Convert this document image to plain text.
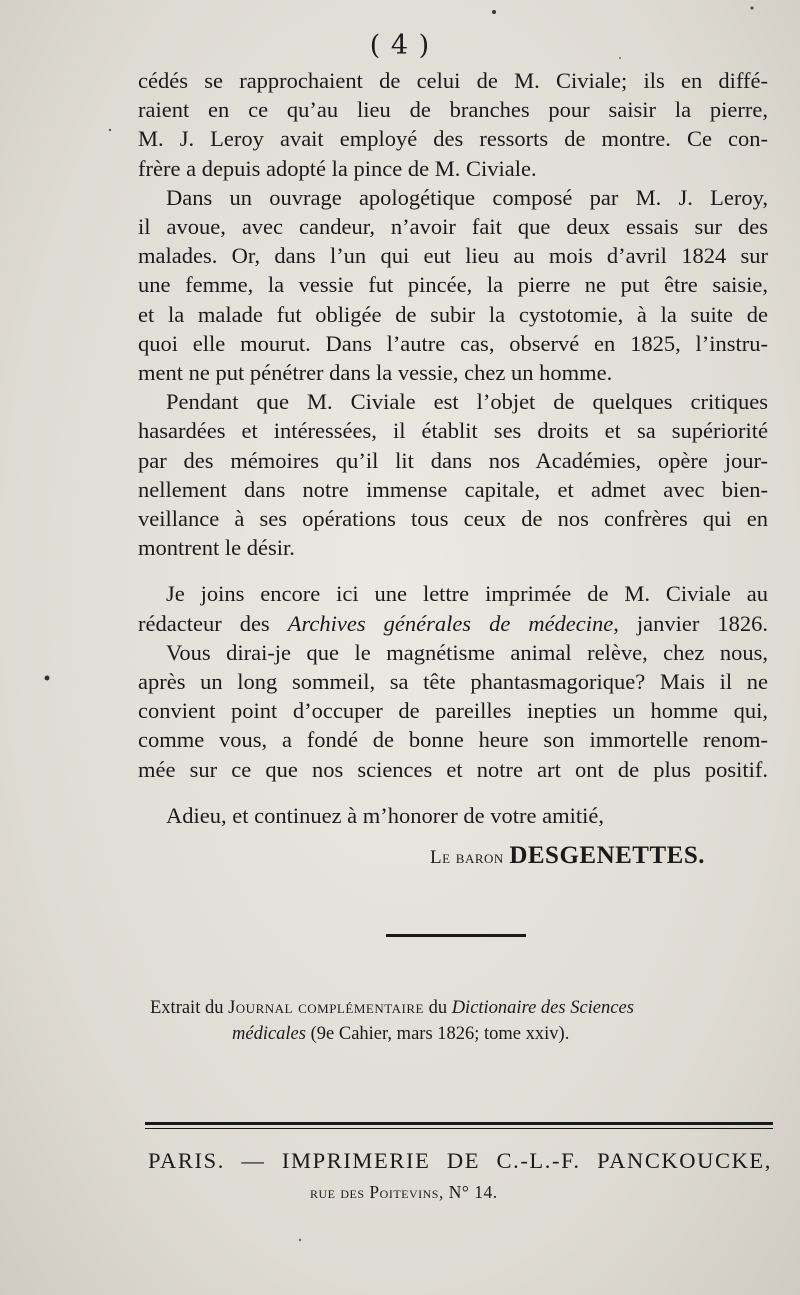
( 4 )

cédés se rapprochaient de celui de M. Civiale; ils en diffé-
raient en ce qu’au lieu de branches pour saisir la pierre,
M. J. Leroy avait employé des ressorts de montre. Ce con-
frère a depuis adopté la pince de M. Civiale.

Dans un ouvrage apologétique composé par M. J. Leroy,
il avoue, avec candeur, n’avoir fait que deux essais sur des
malades. Or, dans l’un qui eut lieu au mois d’avril 1824 sur
une femme, la vessie fut pincée, la pierre ne put être saisie,
et la malade fut obligée de subir la cystotomie, à la suite de
quoi elle mourut. Dans l’autre cas, observé en 1825, l’instru-
ment ne put pénétrer dans la vessie, chez un homme.

Pendant que M. Civiale est l’objet de quelques critiques
hasardées et intéressées, il établit ses droits et sa supériorité
par des mémoires qu’il lit dans nos Académies, opère jour-
nellement dans notre immense capitale, et admet avec bien-
veillance à ses opérations tous ceux de nos confrères qui en
montrent le désir.

Je joins encore ici une lettre imprimée de M. Civiale au
rédacteur des Archives générales de médecine, janvier 1826.

Vous dirai-je que le magnétisme animal relève, chez nous,
après un long sommeil, sa tête phantasmagorique? Mais il ne
convient point d’occuper de pareilles inepties un homme qui,
comme vous, a fondé de bonne heure son immortelle renom-
mée sur ce que nos sciences et notre art ont de plus positif.

Adieu, et continuez à m’honorer de votre amitié,

Le baron DESGENETTES.
Extrait du Journal complémentaire du Dictionaire des Sciences
médicales (9e Cahier, mars 1826; tome xxiv).
PARIS. — IMPRIMERIE DE C.-L.-F. PANCKOUCKE,
rue des Poitevins, N° 14.
